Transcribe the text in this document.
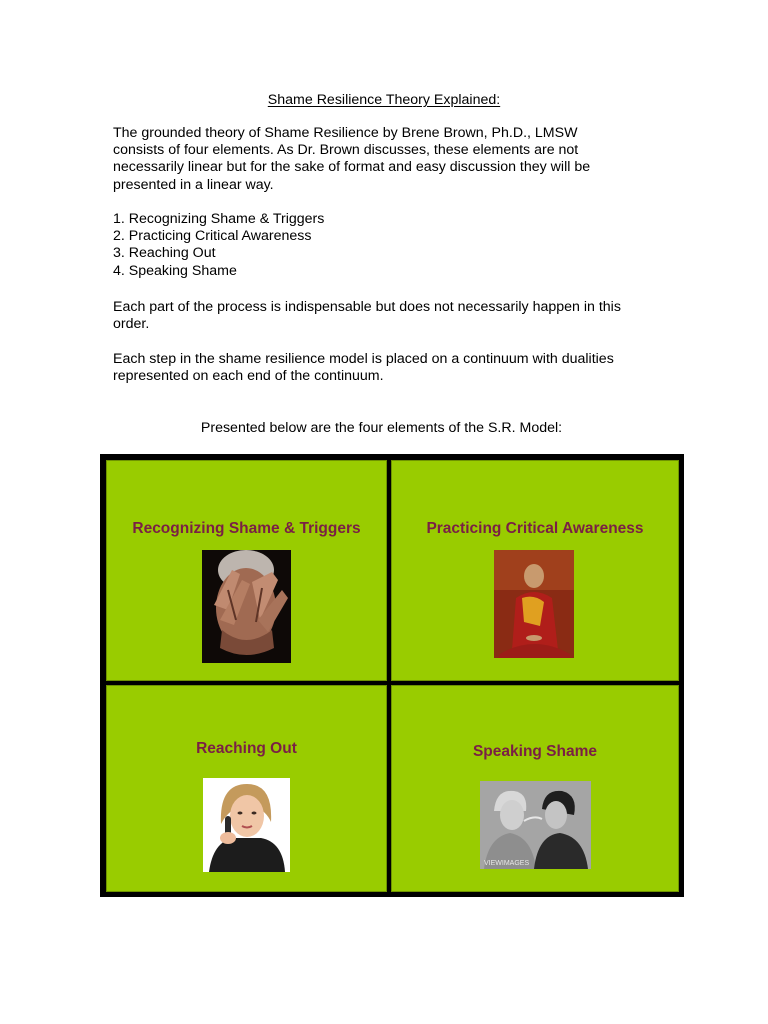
Shame Resilience Theory Explained:
The grounded theory of Shame Resilience by Brene Brown, Ph.D., LMSW
consists of four elements. As Dr. Brown discusses, these elements are not
necessarily linear but for the sake of format and easy discussion they will be
presented in a linear way.

1. Recognizing Shame & Triggers

2. Practicing Critical Awareness

3. Reaching Out

4. Speaking Shame

Each part of the process is indispensable but does not necessarily happen in this
order.
Each step in the shame resilience model is placed on a continuum with dualities
represented on each end of the continuum.
Presented below are the four elements of the S.R. Model:
Recognizing Shame & Triggers	Practicing Critical Awareness
Reaching Out	Speaking Shame
VIEWIMAGES
